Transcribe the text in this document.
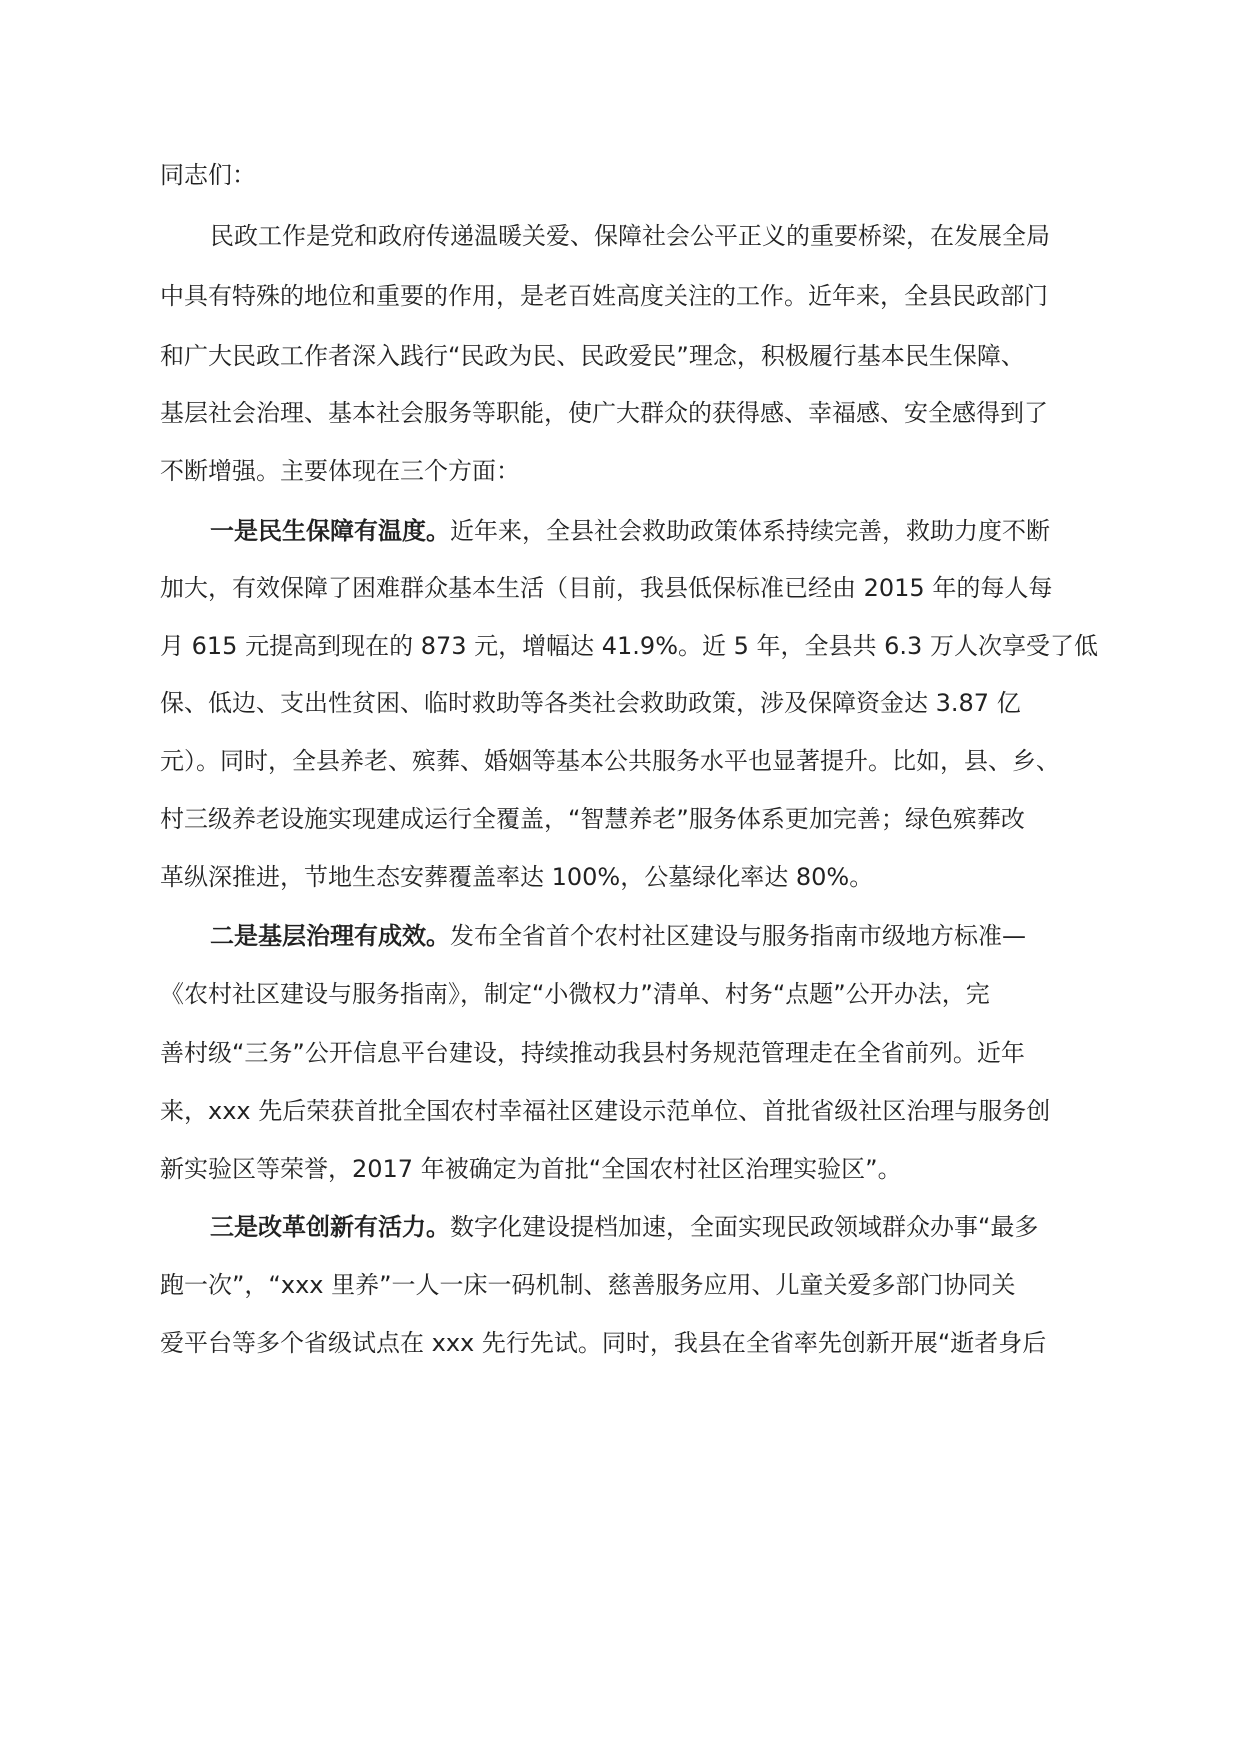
同志们：
民政工作是党和政府传递温暖关爱、保障社会公平正义的重要桥梁，在发展全局
中具有特殊的地位和重要的作用，是老百姓高度关注的工作。近年来，全县民政部门
和广大民政工作者深入践行“民政为民、民政爱民”理念，积极履行基本民生保障、
基层社会治理、基本社会服务等职能，使广大群众的获得感、幸福感、安全感得到了
不断增强。主要体现在三个方面：
一是民生保障有温度。近年来，全县社会救助政策体系持续完善，救助力度不断
加大，有效保障了困难群众基本生活（目前，我县低保标准已经由 2015 年的每人每
月 615 元提高到现在的 873 元，增幅达 41.9%。近 5 年，全县共 6.3 万人次享受了低
保、低边、支出性贫困、临时救助等各类社会救助政策，涉及保障资金达 3.87 亿
元）。同时，全县养老、殡葬、婚姻等基本公共服务水平也显著提升。比如，县、乡、
村三级养老设施实现建成运行全覆盖，“智慧养老”服务体系更加完善；绿色殡葬改
革纵深推进，节地生态安葬覆盖率达 100%，公墓绿化率达 80%。
二是基层治理有成效。发布全省首个农村社区建设与服务指南市级地方标准—
《农村社区建设与服务指南》，制定“小微权力”清单、村务“点题”公开办法，完
善村级“三务”公开信息平台建设，持续推动我县村务规范管理走在全省前列。近年
来，xxx 先后荣获首批全国农村幸福社区建设示范单位、首批省级社区治理与服务创
新实验区等荣誉，2017 年被确定为首批“全国农村社区治理实验区”。
三是改革创新有活力。数字化建设提档加速，全面实现民政领域群众办事“最多
跑一次”，“xxx 里养”一人一床一码机制、慈善服务应用、儿童关爱多部门协同关
爱平台等多个省级试点在 xxx 先行先试。同时，我县在全省率先创新开展“逝者身后
